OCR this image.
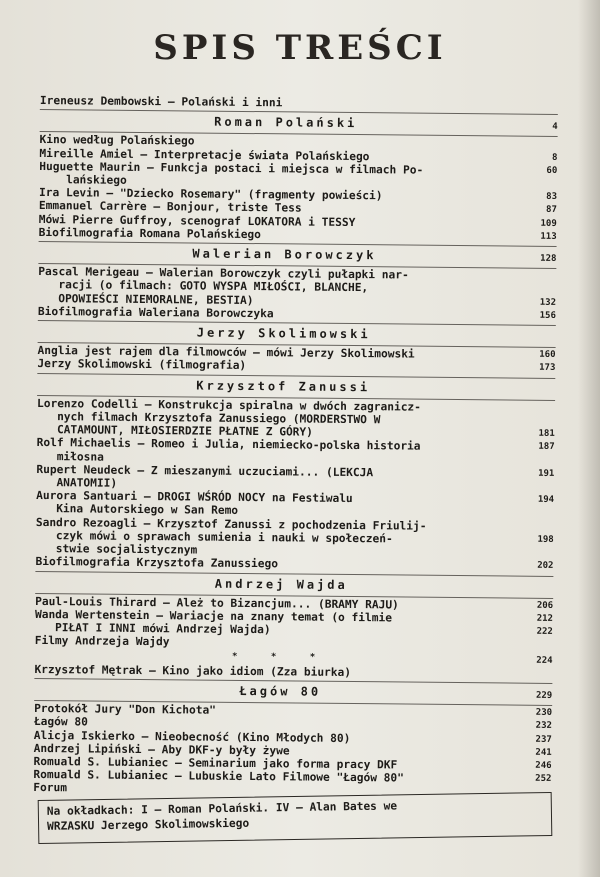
SPIS TREŚCI
Ireneusz Dembowski — Polański i inni
Roman Polański	4
Kino według Polańskiego
Mireille Amiel — Interpretacje świata Polańskiego	8
Huguette Maurin — Funkcja postaci i miejsca w filmach Po-	60
lańskiego
Ira Levin — "Dziecko Rosemary" (fragmenty powieści)	83
Emmanuel Carrère — Bonjour, triste Tess	87
Mówi Pierre Guffroy, scenograf LOKATORA i TESSY	109
Biofilmografia Romana Polańskiego	113
Walerian Borowczyk	128
Pascal Merigeau — Walerian Borowczyk czyli pułapki nar-
racji (o filmach: GOTO WYSPA MIŁOŚCI, BLANCHE,
OPOWIEŚCI NIEMORALNE, BESTIA)	132
Biofilmografia Waleriana Borowczyka	156
Jerzy Skolimowski
Anglia jest rajem dla filmowców — mówi Jerzy Skolimowski	160
Jerzy Skolimowski (filmografia)	173
Krzysztof Zanussi
Lorenzo Codelli — Konstrukcja spiralna w dwóch zagranicz-
nych filmach Krzysztofa Zanussiego (MORDERSTWO W
CATAMOUNT, MIŁOSIERDZIE PŁATNE Z GÓRY)	181
Rolf Michaelis — Romeo i Julia, niemiecko-polska historia	187
miłosna
Rupert Neudeck — Z mieszanymi uczuciami... (LEKCJA	191
ANATOMII)
Aurora Santuari — DROGI WŚRÓD NOCY na Festiwalu	194
Kina Autorskiego w San Remo
Sandro Rezoagli — Krzysztof Zanussi z pochodzenia Friulij-
czyk mówi o sprawach sumienia i nauki w społeczeń-	198
stwie socjalistycznym
Biofilmografia Krzysztofa Zanussiego	202
Andrzej Wajda
Paul-Louis Thirard — Ależ to Bizancjum... (BRAMY RAJU)	206
Wanda Wertenstein — Wariacje na znany temat (o filmie	212
PIŁAT I INNI mówi Andrzej Wajda)	222
Filmy Andrzeja Wajdy
* * *	224
Krzysztof Mętrak — Kino jako idiom (Zza biurka)
Łagów 80	229
Protokół Jury "Don Kichota"	230
Łagów 80	232
Alicja Iskierko — Nieobecność (Kino Młodych 80)	237
Andrzej Lipiński — Aby DKF-y były żywe	241
Romuald S. Lubianiec — Seminarium jako forma pracy DKF	246
Romuald S. Lubianiec — Lubuskie Lato Filmowe "Łagów 80"	252
Forum
Na okładkach: I — Roman Polański. IV — Alan Bates we
WRZASKU Jerzego Skolimowskiego
